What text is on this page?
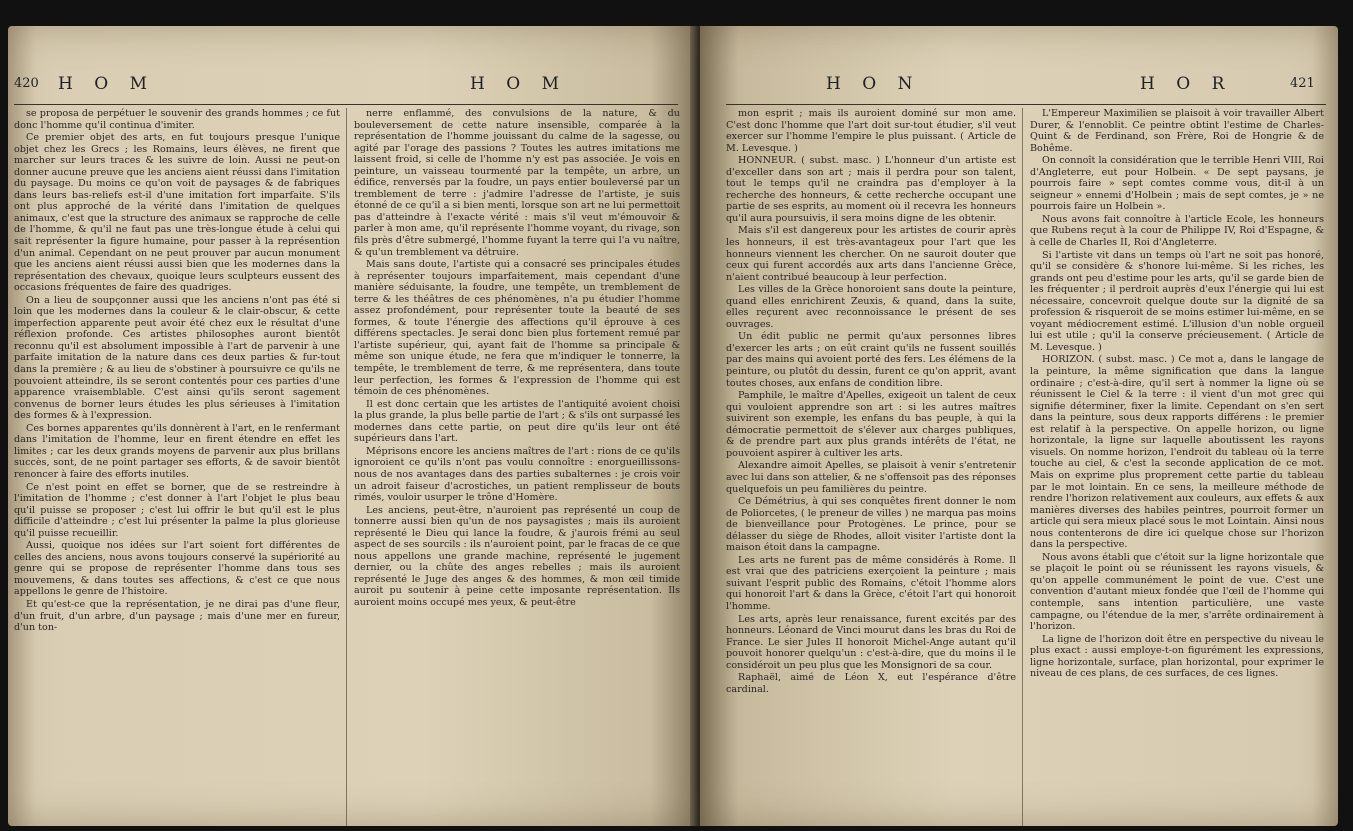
420 H O M	H O M

se proposa de perpétuer le souvenir des grands hommes ; ce fut donc l'homme qu'il continua d'imiter.

Ce premier objet des arts, en fut toujours presque l'unique objet chez les Grecs ; les Romains, leurs élèves, ne firent que marcher sur leurs traces & les suivre de loin. Aussi ne peut-on donner aucune preuve que les anciens aient réussi dans l'imitation du paysage. Du moins ce qu'on voit de paysages & de fabriques dans leurs bas-reliefs est-il d'une imitation fort imparfaite. S'ils ont plus approché de la vérité dans l'imitation de quelques animaux, c'est que la structure des animaux se rapproche de celle de l'homme, & qu'il ne faut pas une très-longue étude à celui qui sait représenter la figure humaine, pour passer à la représention d'un animal. Cependant on ne peut prouver par aucun monument que les anciens aient réussi aussi bien que les modernes dans la représentation des chevaux, quoique leurs sculpteurs eussent des occasions fréquentes de faire des quadriges.

On a lieu de soupçonner aussi que les anciens n'ont pas été si loin que les modernes dans la couleur & le clair-obscur, & cette imperfection apparente peut avoir été chez eux le résultat d'une réflexion profonde. Ces artistes philosophes auront bientôt reconnu qu'il est absolument impossible à l'art de parvenir à une parfaite imitation de la nature dans ces deux parties & fur-tout dans la première ; & au lieu de s'obstiner à poursuivre ce qu'ils ne pouvoient atteindre, ils se seront contentés pour ces parties d'une apparence vraisemblable. C'est ainsi qu'ils seront sagement convenus de borner leurs études les plus sérieuses à l'imitation des formes & à l'expression.

Ces bornes apparentes qu'ils donnèrent à l'art, en le renfermant dans l'imitation de l'homme, leur en firent étendre en effet les limites ; car les deux grands moyens de parvenir aux plus brillans succès, sont, de ne point partager ses efforts, & de savoir bientôt renoncer à faire des efforts inutiles.

Ce n'est point en effet se borner, que de se restreindre à l'imitation de l'homme ; c'est donner à l'art l'objet le plus beau qu'il puisse se proposer ; c'est lui offrir le but qu'il est le plus difficile d'atteindre ; c'est lui présenter la palme la plus glorieuse qu'il puisse recueillir.

Aussi, quoique nos idées sur l'art soient fort différentes de celles des anciens, nous avons toujours conservé la supériorité au genre qui se propose de représenter l'homme dans tous ses mouvemens, & dans toutes ses affections, & c'est ce que nous appellons le genre de l'histoire.

Et qu'est-ce que la représentation, je ne dirai pas d'une fleur, d'un fruit, d'un arbre, d'un paysage ; mais d'une mer en fureur, d'un ton-

nerre enflammé, des convulsions de la nature, & du bouleversement de cette nature insensible, comparée à la représentation de l'homme jouissant du calme de la sagesse, ou agité par l'orage des passions ? Toutes les autres imitations me laissent froid, si celle de l'homme n'y est pas associée. Je vois en peinture, un vaisseau tourmenté par la tempête, un arbre, un édifice, renversés par la foudre, un pays entier bouleversé par un tremblement de terre : j'admire l'adresse de l'artiste, je suis étonné de ce qu'il a si bien menti, lorsque son art ne lui permettoit pas d'atteindre à l'exacte vérité : mais s'il veut m'émouvoir & parler à mon ame, qu'il représente l'homme voyant, du rivage, son fils près d'être submergé, l'homme fuyant la terre qui l'a vu naître, & qu'un tremblement va détruire.

Mais sans doute, l'artiste qui a consacré ses principales études à représenter toujours imparfaitement, mais cependant d'une manière séduisante, la foudre, une tempête, un tremblement de terre & les théâtres de ces phénomènes, n'a pu étudier l'homme assez profondément, pour représenter toute la beauté de ses formes, & toute l'énergie des affections qu'il éprouve à ces différens spectacles. Je serai donc bien plus fortement remué par l'artiste supérieur, qui, ayant fait de l'homme sa principale & même son unique étude, ne fera que m'indiquer le tonnerre, la tempête, le tremblement de terre, & me représentera, dans toute leur perfection, les formes & l'expression de l'homme qui est témoin de ces phénomènes.

Il est donc certain que les artistes de l'antiquité avoient choisi la plus grande, la plus belle partie de l'art ; & s'ils ont surpassé les modernes dans cette partie, on peut dire qu'ils leur ont été supérieurs dans l'art.

Méprisons encore les anciens maîtres de l'art : rions de ce qu'ils ignoroient ce qu'ils n'ont pas voulu connoître : enorgueillissons-nous de nos avantages dans des parties subalternes : je crois voir un adroit faiseur d'acrostiches, un patient remplisseur de bouts rimés, vouloir usurper le trône d'Homère.

Les anciens, peut-être, n'auroient pas représenté un coup de tonnerre aussi bien qu'un de nos paysagistes ; mais ils auroient représenté le Dieu qui lance la foudre, & j'aurois frémi au seul aspect de ses sourcils : ils n'auroient point, par le fracas de ce que nous appellons une grande machine, représenté le jugement dernier, ou la chûte des anges rebelles ; mais ils auroient représenté le Juge des anges & des hommes, & mon œil timide auroit pu soutenir à peine cette imposante représentation. Ils auroient moins occupé mes yeux, & peut-être

H O N	H O R	421

mon esprit ; mais ils auroient dominé sur mon ame. C'est donc l'homme que l'art doit sur-tout étudier, s'il veut exercer sur l'homme l'empire le plus puissant. ( Article de M. Levesque. )

HONNEUR. ( subst. masc. ) L'honneur d'un artiste est d'exceller dans son art ; mais il perdra pour son talent, tout le temps qu'il ne craindra pas d'employer à la recherche des honneurs, & cette recherche occupant une partie de ses esprits, au moment où il recevra les honneurs qu'il aura poursuivis, il sera moins digne de les obtenir.

Mais s'il est dangereux pour les artistes de courir après les honneurs, il est très-avantageux pour l'art que les honneurs viennent les chercher. On ne sauroit douter que ceux qui furent accordés aux arts dans l'ancienne Grèce, n'aient contribué beaucoup à leur perfection.

Les villes de la Grèce honoroient sans doute la peinture, quand elles enrichirent Zeuxis, & quand, dans la suite, elles reçurent avec reconnoissance le présent de ses ouvrages.

Un édit public ne permit qu'aux personnes libres d'exercer les arts ; on eût craint qu'ils ne fussent souillés par des mains qui avoient porté des fers. Les élémens de la peinture, ou plutôt du dessin, furent ce qu'on apprit, avant toutes choses, aux enfans de condition libre.

Pamphile, le maître d'Apelles, exigeoit un talent de ceux qui vouloient apprendre son art : si les autres maîtres suivirent son exemple, les enfans du bas peuple, à qui la démocratie permettoit de s'élever aux charges publiques, & de prendre part aux plus grands intérêts de l'état, ne pouvoient aspirer à cultiver les arts.

Alexandre aimoit Apelles, se plaisoit à venir s'entretenir avec lui dans son attelier, & ne s'offensoit pas des réponses quelquefois un peu familières du peintre.

Ce Démétrius, à qui ses conquêtes firent donner le nom de Poliorcetes, ( le preneur de villes ) ne marqua pas moins de bienveillance pour Protogènes. Le prince, pour se délasser du siège de Rhodes, alloit visiter l'artiste dont la maison étoit dans la campagne.

Les arts ne furent pas de même considérés à Rome. Il est vrai que des patriciens exerçoient la peinture ; mais suivant l'esprit public des Romains, c'étoit l'homme alors qui honoroit l'art & dans la Grèce, c'étoit l'art qui honoroit l'homme.

Les arts, après leur renaissance, furent excités par des honneurs. Léonard de Vinci mourut dans les bras du Roi de France. Le sier Jules II honoroit Michel-Ange autant qu'il pouvoit honorer quelqu'un : c'est-à-dire, que du moins il le considéroit un peu plus que les Monsignori de sa cour.

Raphaël, aimé de Léon X, eut l'espérance d'être cardinal.

L'Empereur Maximilien se plaisoit à voir travailler Albert Durer, & l'ennoblit. Ce peintre obtint l'estime de Charles-Quint & de Ferdinand, son Frère, Roi de Hongrie & de Bohême.

On connoît la considération que le terrible Henri VIII, Roi d'Angleterre, eut pour Holbein. « De sept paysans, je pourrois faire » sept comtes comme vous, dit-il à un seigneur » ennemi d'Holbein ; mais de sept comtes, je » ne pourrois faire un Holbein ».

Nous avons fait connoître à l'article Ecole, les honneurs que Rubens reçut à la cour de Philippe IV, Roi d'Espagne, & à celle de Charles II, Roi d'Angleterre.

Si l'artiste vit dans un temps où l'art ne soit pas honoré, qu'il se considère & s'honore lui-même. Si les riches, les grands ont peu d'estime pour les arts, qu'il se garde bien de les fréquenter ; il perdroit auprès d'eux l'énergie qui lui est nécessaire, concevroit quelque doute sur la dignité de sa profession & risqueroit de se moins estimer lui-même, en se voyant médiocrement estimé. L'illusion d'un noble orgueil lui est utile ; qu'il la conserve précieusement. ( Article de M. Levesque. )

HORIZON. ( subst. masc. ) Ce mot a, dans le langage de la peinture, la même signification que dans la langue ordinaire ; c'est-à-dire, qu'il sert à nommer la ligne où se réunissent le Ciel & la terre : il vient d'un mot grec qui signifie déterminer, fixer la limite. Cependant on s'en sert dans la peinture, sous deux rapports différens : le premier est relatif à la perspective. On appelle horizon, ou ligne horizontale, la ligne sur laquelle aboutissent les rayons visuels. On nomme horizon, l'endroit du tableau où la terre touche au ciel, & c'est la seconde application de ce mot. Mais on exprime plus proprement cette partie du tableau par le mot lointain. En ce sens, la meilleure méthode de rendre l'horizon relativement aux couleurs, aux effets & aux manières diverses des habiles peintres, pourroit former un article qui sera mieux placé sous le mot Lointain. Ainsi nous nous contenterons de dire ici quelque chose sur l'horizon dans la perspective.

Nous avons établi que c'étoit sur la ligne horizontale que se plaçoit le point où se réunissent les rayons visuels, & qu'on appelle communément le point de vue. C'est une convention d'autant mieux fondée que l'œil de l'homme qui contemple, sans intention particulière, une vaste campagne, ou l'étendue de la mer, s'arrête ordinairement à l'horizon.

La ligne de l'horizon doit être en perspective du niveau le plus exact : aussi employe-t-on figurément les expressions, ligne horizontale, surface, plan horizontal, pour exprimer le niveau de ces plans, de ces surfaces, de ces lignes.
